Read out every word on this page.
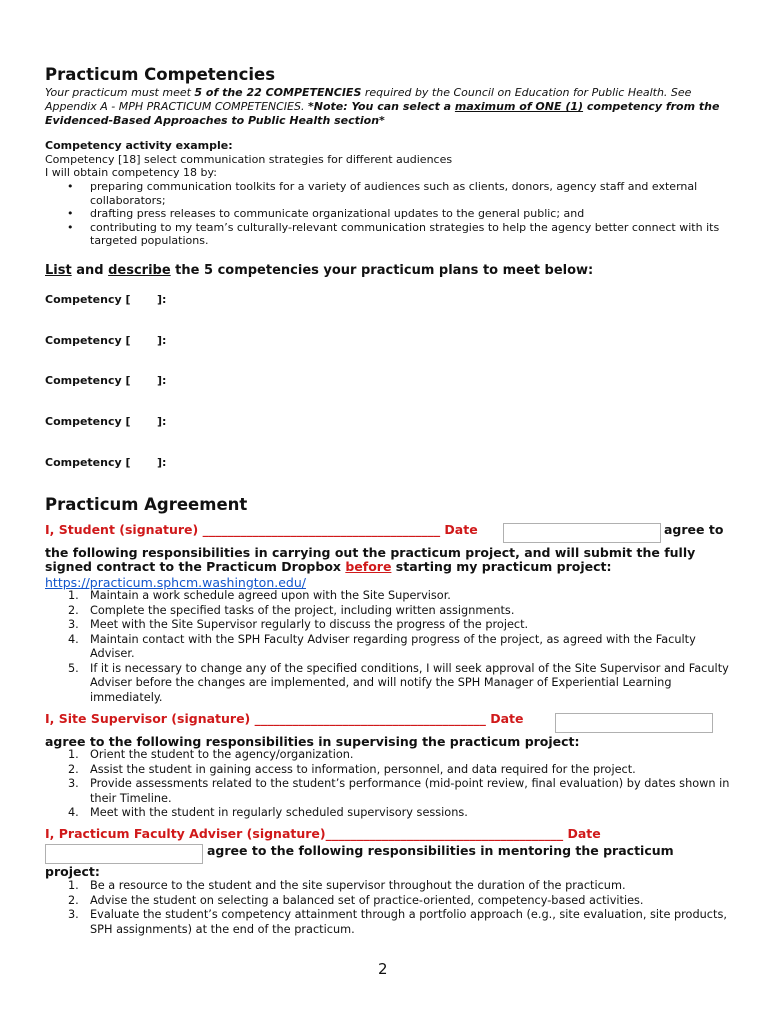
Practicum Competencies
Your practicum must meet 5 of the 22 COMPETENCIES required by the Council on Education for Public Health. See Appendix A - MPH PRACTICUM COMPETENCIES. *Note: You can select a maximum of ONE (1) competency from the Evidenced-Based Approaches to Public Health section*
Competency activity example:
Competency [18] select communication strategies for different audiences
I will obtain competency 18 by:
• preparing communication toolkits for a variety of audiences such as clients, donors, agency staff and external collaborators;
• drafting press releases to communicate organizational updates to the general public; and
• contributing to my team’s culturally-relevant communication strategies to help the agency better connect with its targeted populations.
List and describe the 5 competencies your practicum plans to meet below:
Competency [ ]:
Competency [ ]:
Competency [ ]:
Competency [ ]:
Competency [ ]:
Practicum Agreement
I, Student (signature) ______________________________________ Date	agree to
the following responsibilities in carrying out the practicum project, and will submit the fully
signed contract to the Practicum Dropbox before starting my practicum project:
https://practicum.sphcm.washington.edu/
1. Maintain a work schedule agreed upon with the Site Supervisor.
2. Complete the specified tasks of the project, including written assignments.
3. Meet with the Site Supervisor regularly to discuss the progress of the project.
4. Maintain contact with the SPH Faculty Adviser regarding progress of the project, as agreed with the Faculty Adviser.
5. If it is necessary to change any of the specified conditions, I will seek approval of the Site Supervisor and Faculty Adviser before the changes are implemented, and will notify the SPH Manager of Experiential Learning immediately.
I, Site Supervisor (signature) _____________________________________ Date
agree to the following responsibilities in supervising the practicum project:
1. Orient the student to the agency/organization.
2. Assist the student in gaining access to information, personnel, and data required for the project.
3. Provide assessments related to the student’s performance (mid-point review, final evaluation) by dates shown in their Timeline.
4. Meet with the student in regularly scheduled supervisory sessions.
I, Practicum Faculty Adviser (signature)______________________________________ Date
agree to the following responsibilities in mentoring the practicum
project:
1. Be a resource to the student and the site supervisor throughout the duration of the practicum.
2. Advise the student on selecting a balanced set of practice-oriented, competency-based activities.
3. Evaluate the student’s competency attainment through a portfolio approach (e.g., site evaluation, site products, SPH assignments) at the end of the practicum.
2
